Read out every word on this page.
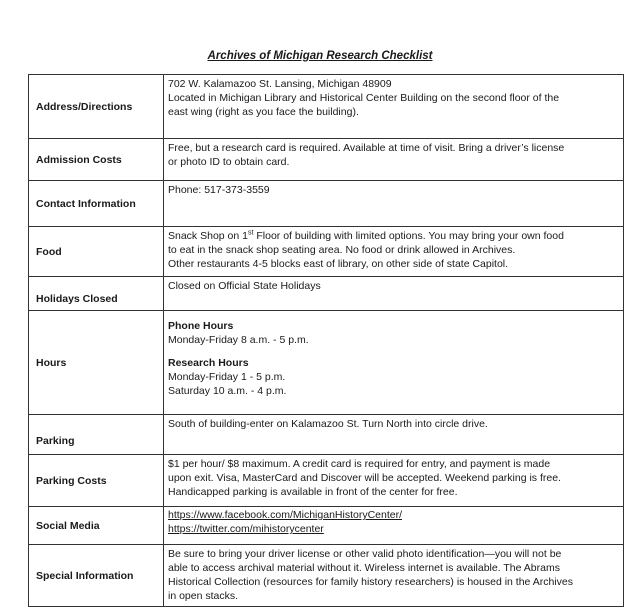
Archives of Michigan Research Checklist
Address/Directions	702 W. Kalamazoo St. Lansing, Michigan 48909
Located in Michigan Library and Historical Center Building on the second floor of the
east wing (right as you face the building).

Admission Costs	Free, but a research card is required. Available at time of visit. Bring a driver’s license
or photo ID to obtain card.

Contact Information	Phone: 517-373-3559

Food	Snack Shop on 1st Floor of building with limited options. You may bring your own food
to eat in the snack shop seating area. No food or drink allowed in Archives.
Other restaurants 4-5 blocks east of library, on other side of state Capitol.

Holidays Closed	Closed on Official State Holidays

Hours	Phone Hours
Monday-Friday 8 a.m. - 5 p.m.
Research Hours
Monday-Friday 1 - 5 p.m.
Saturday 10 a.m. - 4 p.m.

Parking	South of building-enter on Kalamazoo St. Turn North into circle drive.

Parking Costs	$1 per hour/ $8 maximum. A credit card is required for entry, and payment is made
upon exit. Visa, MasterCard and Discover will be accepted. Weekend parking is free.
Handicapped parking is available in front of the center for free.

Social Media	https://www.facebook.com/MichiganHistoryCenter/
https://twitter.com/mihistorycenter

Special Information	Be sure to bring your driver license or other valid photo identification—you will not be
able to access archival material without it. Wireless internet is available. The Abrams
Historical Collection (resources for family history researchers) is housed in the Archives
in open stacks.
